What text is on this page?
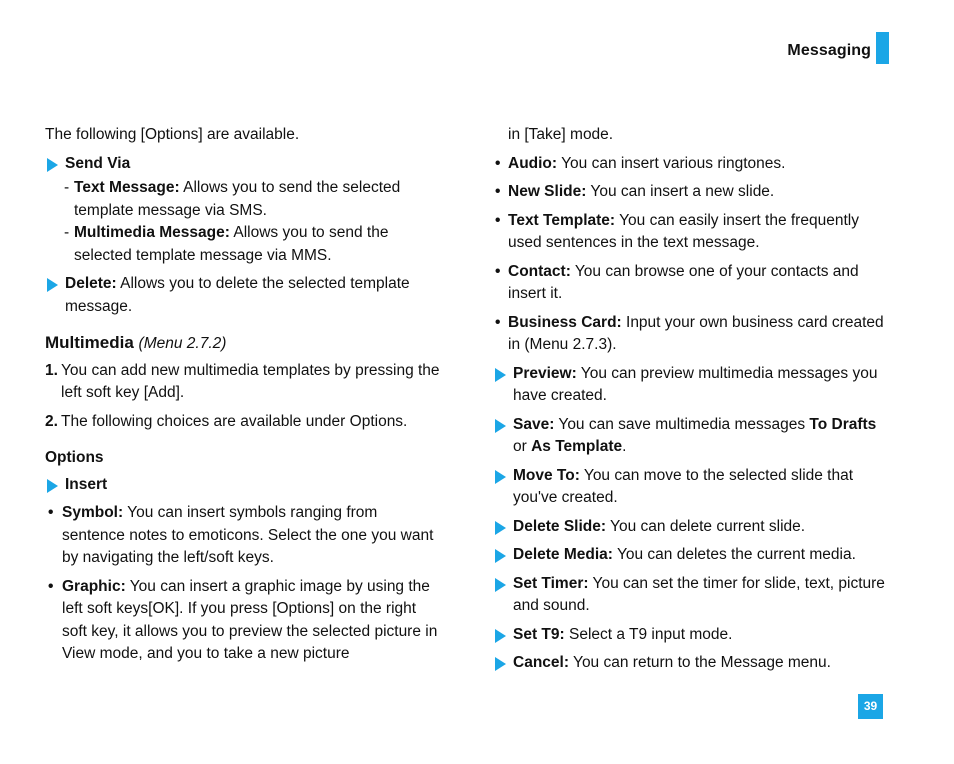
Messaging

The following [Options] are available.

Send Via
- Text Message: Allows you to send the selected template message via SMS.
- Multimedia Message: Allows you to send the selected template message via MMS.
Delete: Allows you to delete the selected template message.
Multimedia (Menu 2.7.2)
1. You can add new multimedia templates by pressing the left soft key [Add].
2. The following choices are available under Options.
Options
Insert
• Symbol: You can insert symbols ranging from sentence notes to emoticons. Select the one you want by navigating the left/soft keys.
• Graphic: You can insert a graphic image by using the left soft keys[OK]. If you press [Options] on the right soft key, it allows you to preview the selected picture in View mode, and you to take a new picture

in [Take] mode.

• Audio: You can insert various ringtones.
• New Slide: You can insert a new slide.
• Text Template: You can easily insert the frequently used sentences in the text message.
• Contact: You can browse one of your contacts and insert it.
• Business Card: Input your own business card created in (Menu 2.7.3).
Preview: You can preview multimedia messages you have created.
Save: You can save multimedia messages To Drafts or As Template.
Move To: You can move to the selected slide that you've created.
Delete Slide: You can delete current slide.
Delete Media: You can deletes the current media.
Set Timer: You can set the timer for slide, text, picture and sound.
Set T9: Select a T9 input mode.
Cancel: You can return to the Message menu.
39
